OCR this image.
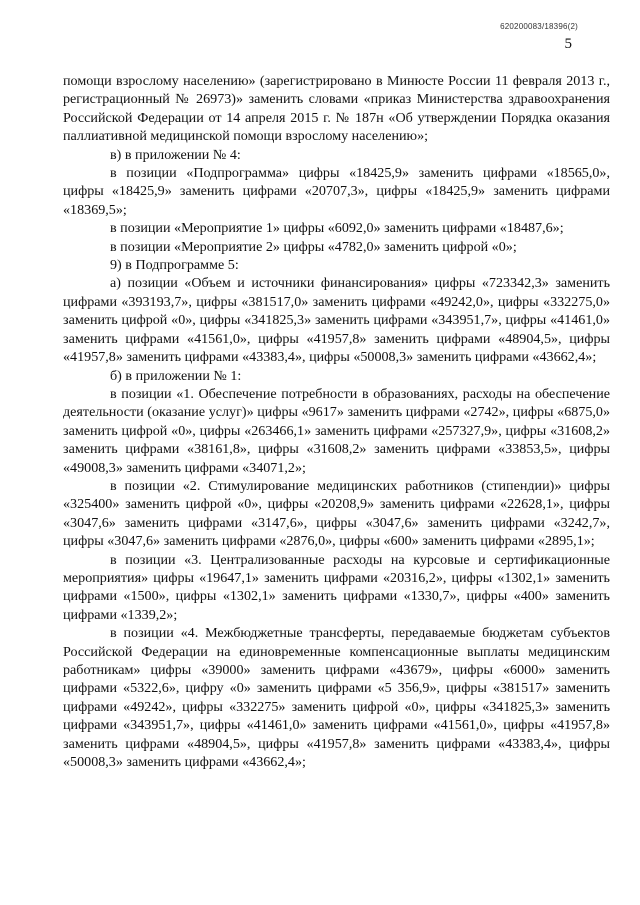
620200083/18396(2)
5

помощи взрослому населению» (зарегистрировано в Минюсте России 11 февраля 2013 г., регистрационный № 26973)» заменить словами «приказ Министерства здравоохранения Российской Федерации от 14 апреля 2015 г. № 187н «Об утверждении Порядка оказания паллиативной медицинской помощи взрослому населению»;

в) в приложении № 4:

в позиции «Подпрограмма» цифры «18425,9» заменить цифрами «18565,0», цифры «18425,9» заменить цифрами «20707,3», цифры «18425,9» заменить цифрами «18369,5»;

в позиции «Мероприятие 1» цифры «6092,0» заменить цифрами «18487,6»;

в позиции «Мероприятие 2» цифры «4782,0» заменить цифрой «0»;

9) в Подпрограмме 5:

а) позиции «Объем и источники финансирования» цифры «723342,3» заменить цифрами «393193,7», цифры «381517,0» заменить цифрами «49242,0», цифры «332275,0» заменить цифрой «0», цифры «341825,3» заменить цифрами «343951,7», цифры «41461,0» заменить цифрами «41561,0», цифры «41957,8» заменить цифрами «48904,5», цифры «41957,8» заменить цифрами «43383,4», цифры «50008,3» заменить цифрами «43662,4»;

б) в приложении № 1:

в позиции «1. Обеспечение потребности в образованиях, расходы на обеспечение деятельности (оказание услуг)» цифры «9617» заменить цифрами «2742», цифры «6875,0» заменить цифрой «0», цифры «263466,1» заменить цифрами «257327,9», цифры «31608,2» заменить цифрами «38161,8», цифры «31608,2» заменить цифрами «33853,5», цифры «49008,3» заменить цифрами «34071,2»;

в позиции «2. Стимулирование медицинских работников (стипендии)» цифры «325400» заменить цифрой «0», цифры «20208,9» заменить цифрами «22628,1», цифры «3047,6» заменить цифрами «3147,6», цифры «3047,6» заменить цифрами «3242,7», цифры «3047,6» заменить цифрами «2876,0», цифры «600» заменить цифрами «2895,1»;

в позиции «3. Централизованные расходы на курсовые и сертификационные мероприятия» цифры «19647,1» заменить цифрами «20316,2», цифры «1302,1» заменить цифрами «1500», цифры «1302,1» заменить цифрами «1330,7», цифры «400» заменить цифрами «1339,2»;

в позиции «4. Межбюджетные трансферты, передаваемые бюджетам субъектов Российской Федерации на единовременные компенсационные выплаты медицинским работникам» цифры «39000» заменить цифрами «43679», цифры «6000» заменить цифрами «5322,6», цифру «0» заменить цифрами «5 356,9», цифры «381517» заменить цифрами «49242», цифры «332275» заменить цифрой «0», цифры «341825,3» заменить цифрами «343951,7», цифры «41461,0» заменить цифрами «41561,0», цифры «41957,8» заменить цифрами «48904,5», цифры «41957,8» заменить цифрами «43383,4», цифры «50008,3» заменить цифрами «43662,4»;
